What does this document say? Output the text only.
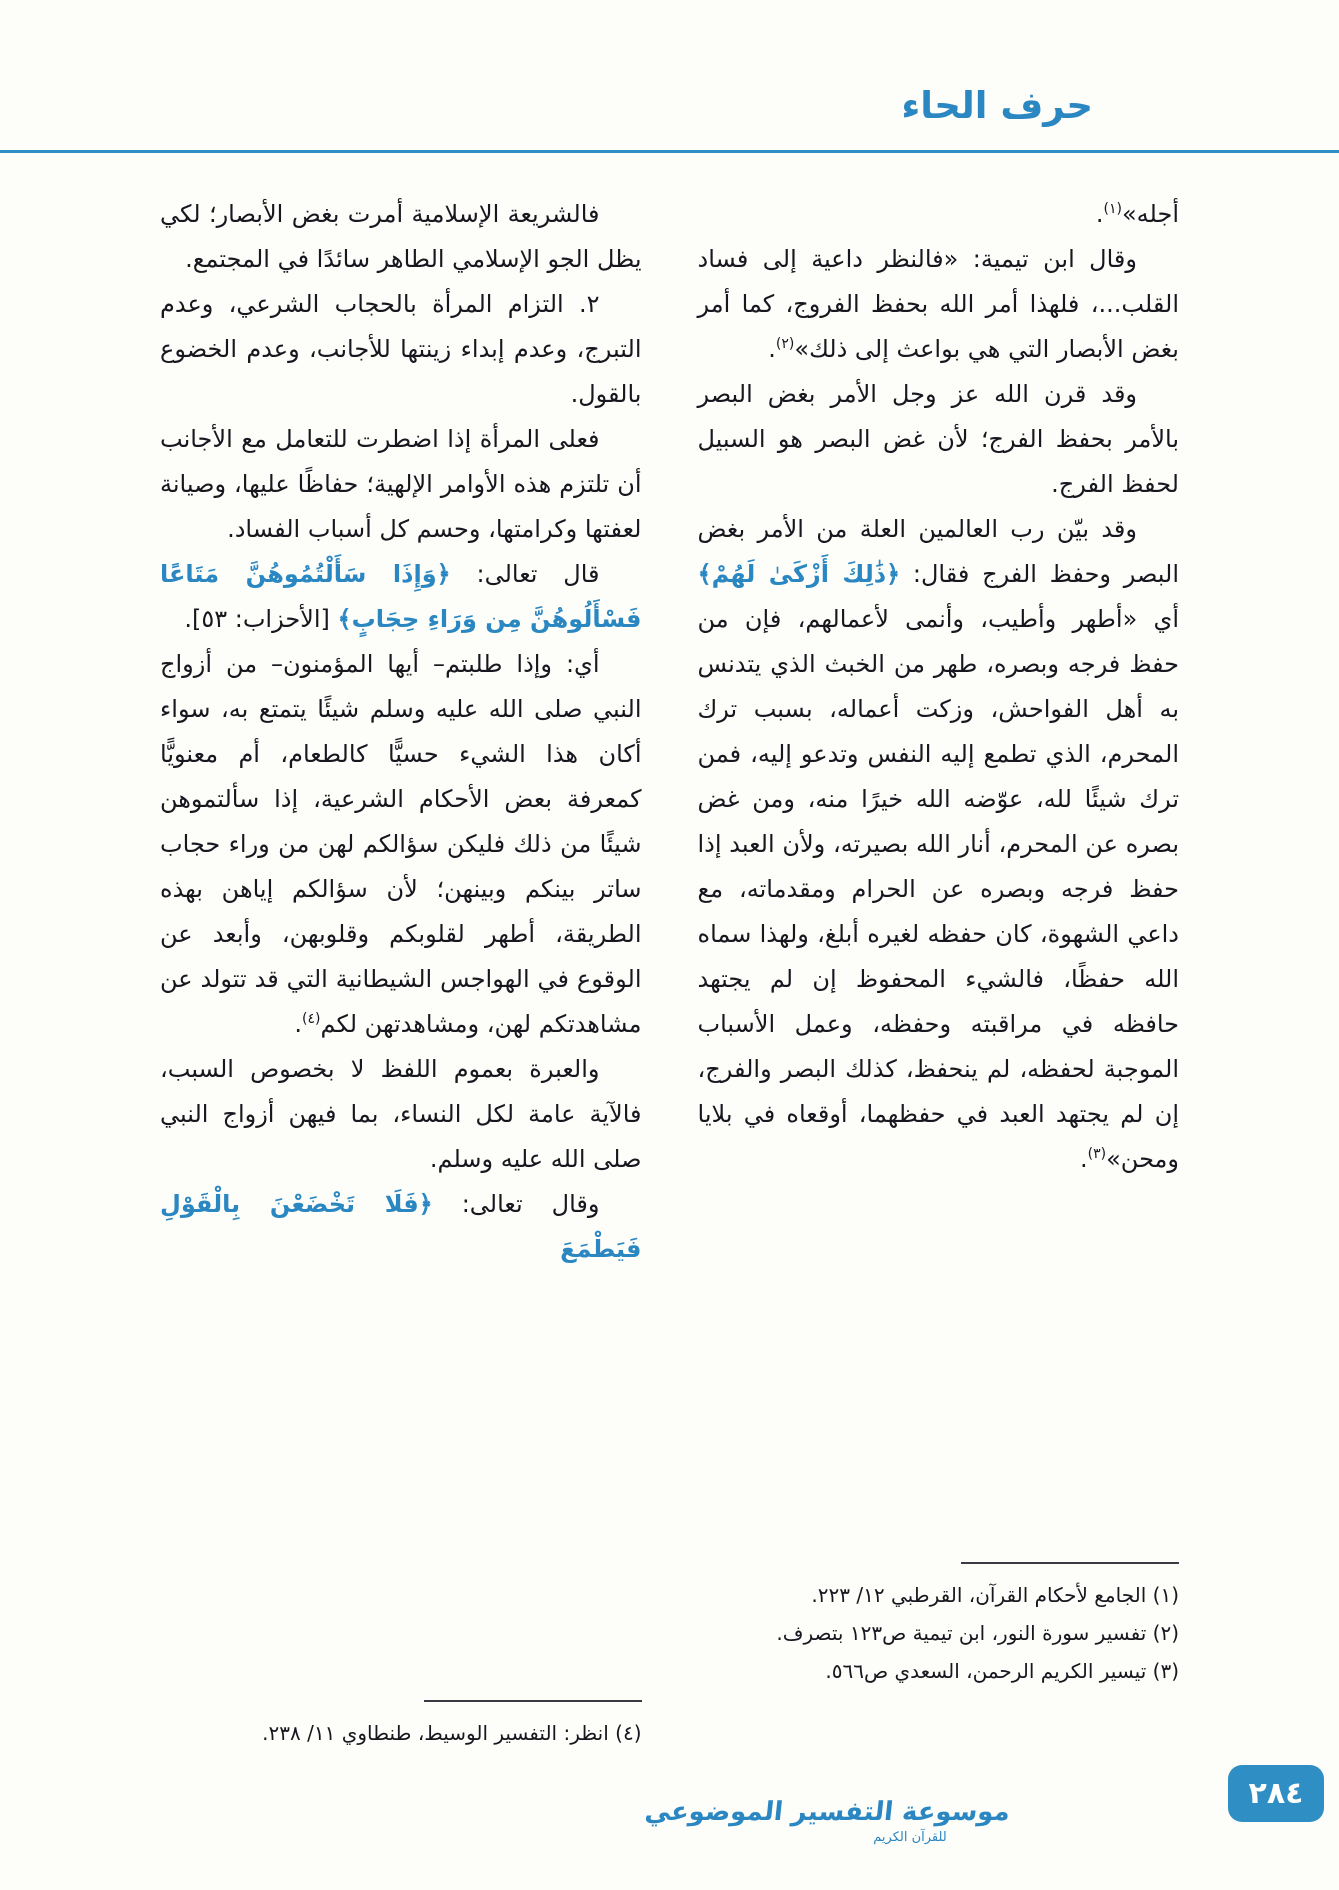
حرف الحاء

أجله»$^{(١)}$.

وقال ابن تيمية: «فالنظر داعية إلى فساد القلب...، فلهذا أمر الله بحفظ الفروج، كما أمر بغض الأبصار التي هي بواعث إلى ذلك»$^{(٢)}$.

وقد قرن الله عز وجل الأمر بغض البصر بالأمر بحفظ الفرج؛ لأن غض البصر هو السبيل لحفظ الفرج.

وقد بيّن رب العالمين العلة من الأمر بغض البصر وحفظ الفرج فقال: ﴿ذَٰلِكَ أَزْكَىٰ لَهُمْ﴾ أي «أطهر وأطيب، وأنمى لأعمالهم، فإن من حفظ فرجه وبصره، طهر من الخبث الذي يتدنس به أهل الفواحش، وزكت أعماله، بسبب ترك المحرم، الذي تطمع إليه النفس وتدعو إليه، فمن ترك شيئًا لله، عوّضه الله خيرًا منه، ومن غض بصره عن المحرم، أنار الله بصيرته، ولأن العبد إذا حفظ فرجه وبصره عن الحرام ومقدماته، مع داعي الشهوة، كان حفظه لغيره أبلغ، ولهذا سماه الله حفظًا، فالشيء المحفوظ إن لم يجتهد حافظه في مراقبته وحفظه، وعمل الأسباب الموجبة لحفظه، لم ينحفظ، كذلك البصر والفرج، إن لم يجتهد العبد في حفظهما، أوقعاه في بلايا ومحن»$^{(٣)}$.

(١) الجامع لأحكام القرآن، القرطبي ١٢/ ٢٢٣.

(٢) تفسير سورة النور، ابن تيمية ص١٢٣ بتصرف.

(٣) تيسير الكريم الرحمن، السعدي ص٥٦٦.

فالشريعة الإسلامية أمرت بغض الأبصار؛ لكي يظل الجو الإسلامي الطاهر سائدًا في المجتمع.

٢. التزام المرأة بالحجاب الشرعي، وعدم التبرج، وعدم إبداء زينتها للأجانب، وعدم الخضوع بالقول.

فعلى المرأة إذا اضطرت للتعامل مع الأجانب أن تلتزم هذه الأوامر الإلهية؛ حفاظًا عليها، وصيانة لعفتها وكرامتها، وحسم كل أسباب الفساد.

قال تعالى: ﴿وَإِذَا سَأَلْتُمُوهُنَّ مَتَاعًا فَسْأَلُوهُنَّ مِن وَرَاءِ حِجَابٍ﴾ [الأحزاب: ٥٣].

أي: وإذا طلبتم– أيها المؤمنون– من أزواج النبي صلى الله عليه وسلم شيئًا يتمتع به، سواء أكان هذا الشيء حسيًّا كالطعام، أم معنويًّا كمعرفة بعض الأحكام الشرعية، إذا سألتموهن شيئًا من ذلك فليكن سؤالكم لهن من وراء حجاب ساتر بينكم وبينهن؛ لأن سؤالكم إياهن بهذه الطريقة، أطهر لقلوبكم وقلوبهن، وأبعد عن الوقوع في الهواجس الشيطانية التي قد تتولد عن مشاهدتكم لهن، ومشاهدتهن لكم$^{(٤)}$.

والعبرة بعموم اللفظ لا بخصوص السبب، فالآية عامة لكل النساء، بما فيهن أزواج النبي صلى الله عليه وسلم.

وقال تعالى: ﴿فَلَا تَخْضَعْنَ بِالْقَوْلِ فَيَطْمَعَ

(٤) انظر: التفسير الوسيط، طنطاوي ١١/ ٢٣٨.

موسوعة التفسير الموضوعي
للقرآن الكريم
٢٨٤
